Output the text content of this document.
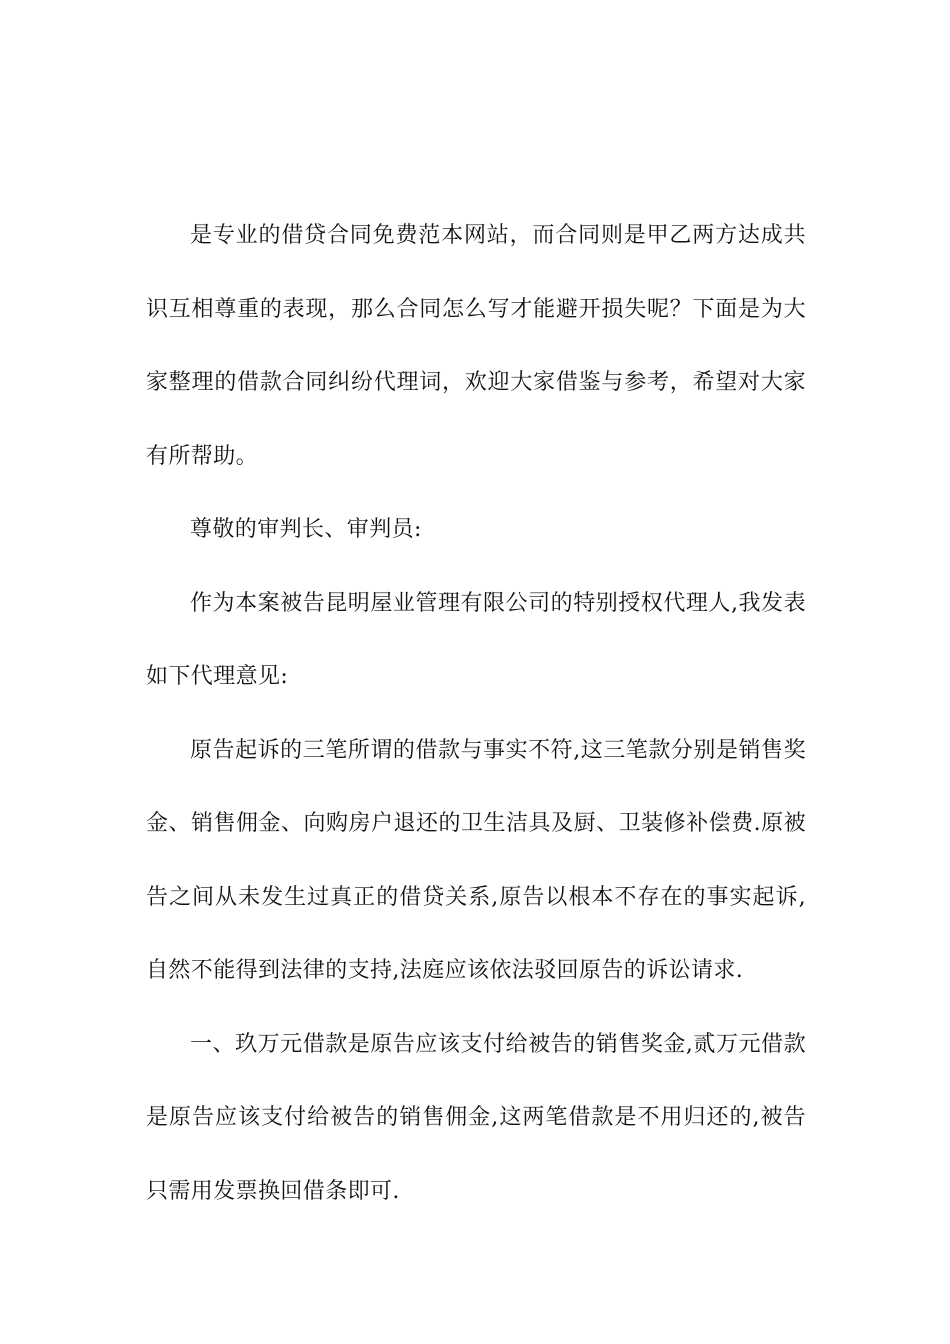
是专业的借贷合同免费范本网站，而合同则是甲乙两方达成共识互相尊重的表现，那么合同怎么写才能避开损失呢？下面是为大家整理的借款合同纠纷代理词，欢迎大家借鉴与参考，希望对大家有所帮助。

尊敬的审判长、审判员:

作为本案被告昆明屋业管理有限公司的特别授权代理人,我发表如下代理意见:

原告起诉的三笔所谓的借款与事实不符,这三笔款分别是销售奖金、销售佣金、向购房户退还的卫生洁具及厨、卫装修补偿费.原被告之间从未发生过真正的借贷关系,原告以根本不存在的事实起诉,自然不能得到法律的支持,法庭应该依法驳回原告的诉讼请求.

一、玖万元借款是原告应该支付给被告的销售奖金,贰万元借款是原告应该支付给被告的销售佣金,这两笔借款是不用归还的,被告只需用发票换回借条即可.
